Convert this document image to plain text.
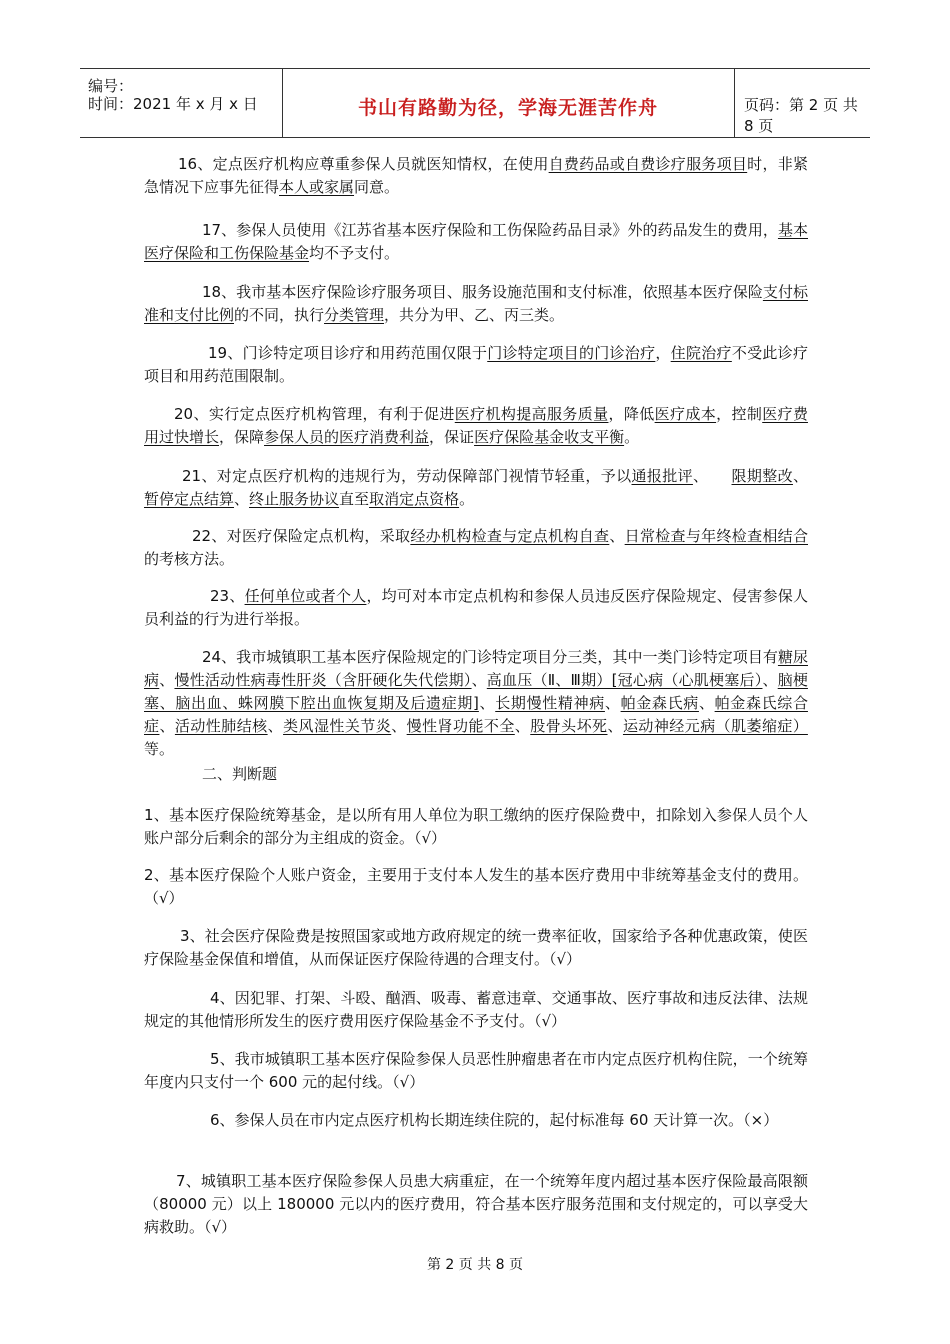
编号：
时间：2021 年 x 月 x 日	书山有路勤为径，学海无涯苦作舟	页码：第 2 页 共 8 页

16、定点医疗机构应尊重参保人员就医知情权，在使用自费药品或自费诊疗服务项目时，非紧急情况下应事先征得本人或家属同意。

17、参保人员使用《江苏省基本医疗保险和工伤保险药品目录》外的药品发生的费用，基本医疗保险和工伤保险基金均不予支付。

18、我市基本医疗保险诊疗服务项目、服务设施范围和支付标准，依照基本医疗保险支付标准和支付比例的不同，执行分类管理，共分为甲、乙、丙三类。

19、门诊特定项目诊疗和用药范围仅限于门诊特定项目的门诊治疗，住院治疗不受此诊疗项目和用药范围限制。

20、实行定点医疗机构管理，有利于促进医疗机构提高服务质量，降低医疗成本，控制医疗费用过快增长，保障参保人员的医疗消费利益，保证医疗保险基金收支平衡。

21、对定点医疗机构的违规行为，劳动保障部门视情节轻重，予以通报批评、　　限期整改、暂停定点结算、终止服务协议直至取消定点资格。

22、对医疗保险定点机构，采取经办机构检查与定点机构自查、日常检查与年终检查相结合的考核方法。

23、任何单位或者个人，均可对本市定点机构和参保人员违反医疗保险规定、侵害参保人员利益的行为进行举报。

24、我市城镇职工基本医疗保险规定的门诊特定项目分三类，其中一类门诊特定项目有糖尿病、慢性活动性病毒性肝炎（含肝硬化失代偿期）、高血压（Ⅱ、Ⅲ期）[冠心病（心肌梗塞后）、脑梗塞、脑出血、蛛网膜下腔出血恢复期及后遗症期]、长期慢性精神病、帕金森氏病、帕金森氏综合症、活动性肺结核、类风湿性关节炎、慢性肾功能不全、股骨头坏死、运动神经元病（肌萎缩症）等。

二、判断题

1、基本医疗保险统筹基金，是以所有用人单位为职工缴纳的医疗保险费中，扣除划入参保人员个人账户部分后剩余的部分为主组成的资金。（√）

2、基本医疗保险个人账户资金，主要用于支付本人发生的基本医疗费用中非统筹基金支付的费用。（√）

3、社会医疗保险费是按照国家或地方政府规定的统一费率征收，国家给予各种优惠政策，使医疗保险基金保值和增值，从而保证医疗保险待遇的合理支付。（√）

4、因犯罪、打架、斗殴、酗酒、吸毒、蓄意违章、交通事故、医疗事故和违反法律、法规规定的其他情形所发生的医疗费用医疗保险基金不予支付。（√）

5、我市城镇职工基本医疗保险参保人员恶性肿瘤患者在市内定点医疗机构住院，一个统筹年度内只支付一个 600 元的起付线。（√）

6、参保人员在市内定点医疗机构长期连续住院的，起付标准每 60 天计算一次。（×）

7、城镇职工基本医疗保险参保人员患大病重症，在一个统筹年度内超过基本医疗保险最高限额（80000 元）以上 180000 元以内的医疗费用，符合基本医疗服务范围和支付规定的，可以享受大病救助。（√）

第 2 页 共 8 页
